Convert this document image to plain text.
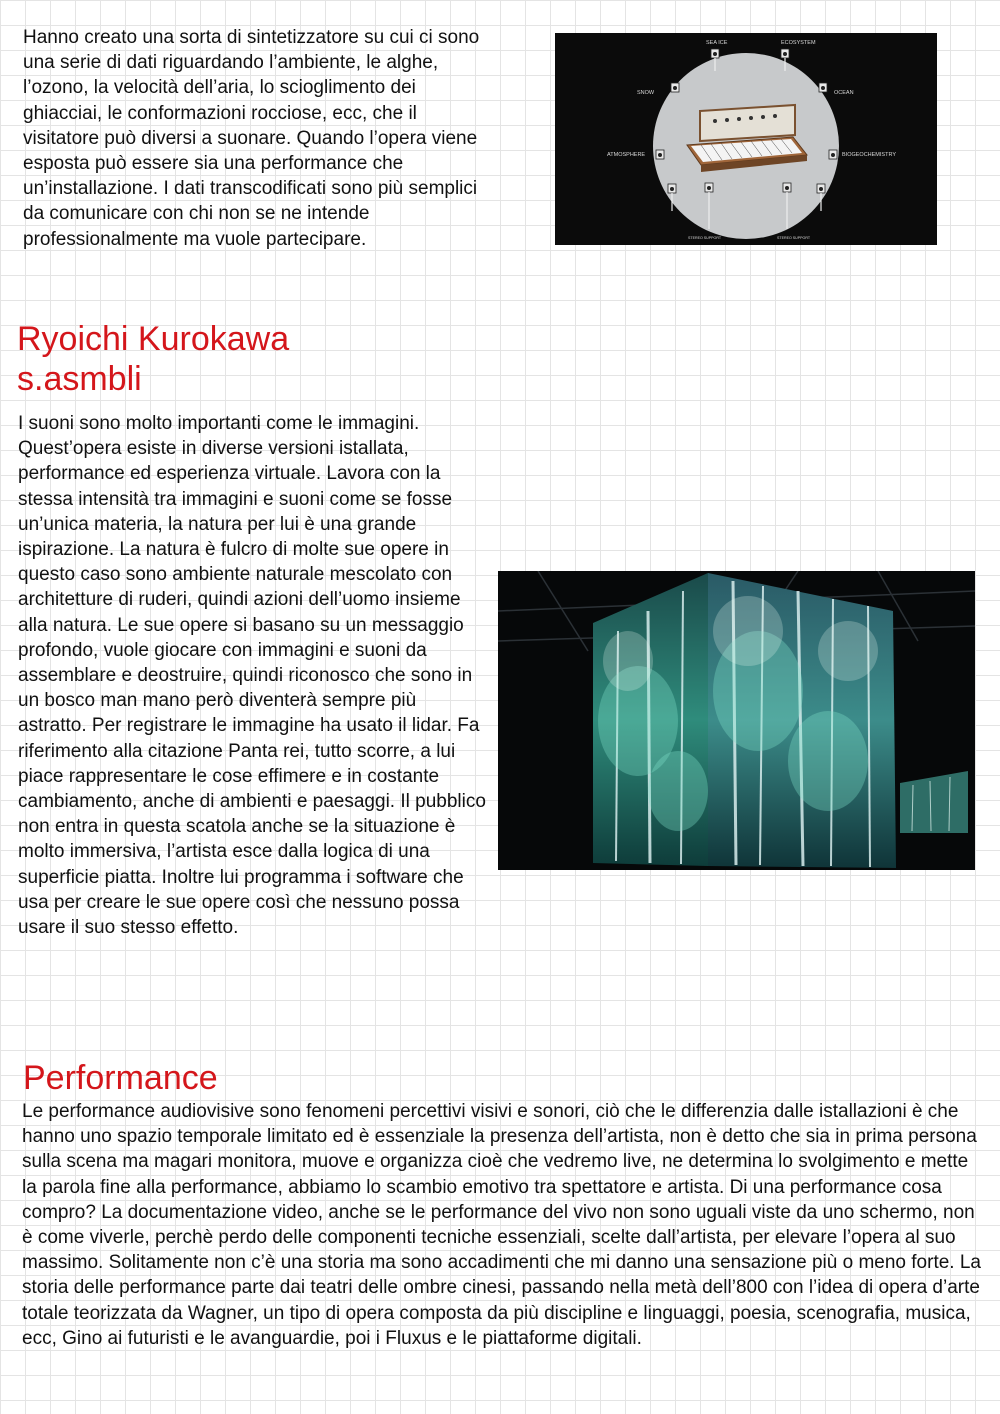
Hanno creato una sorta di sintetizzatore su cui ci sono una serie di dati riguardando l’ambiente, le alghe, l’ozono, la velocità dell’aria, lo scioglimento dei ghiacciai, le conformazioni rocciose, ecc, che il visitatore può diversi a suonare. Quando l’opera viene esposta può essere sia una performance che un’installazione. I dati transcodificati sono più semplici da comunicare con chi non se ne intende professionalmente ma vuole partecipare.

SEA ICE	ECOSYSTEM
SNOW	OCEAN
ATMOSPHERE	BIOGEOCHEMISTRY
STEREO SUPPORT	STEREO SUPPORT
Ryoichi Kurokawa
s.asmbli

I suoni sono molto importanti come le immagini. Quest’opera esiste in diverse versioni istallata, performance ed esperienza virtuale. Lavora con la stessa intensità tra immagini e suoni come se fosse un’unica materia, la natura per lui è una grande ispirazione. La natura è fulcro di molte sue opere in questo caso sono ambiente naturale mescolato con architetture di ruderi, quindi azioni dell’uomo insieme alla natura. Le sue opere si basano su un messaggio profondo, vuole giocare con immagini e suoni da assemblare e deostruire, quindi riconosco che sono in un bosco man mano però diventerà sempre più astratto. Per registrare le immagine ha usato il lidar. Fa riferimento alla citazione Panta rei, tutto scorre, a lui piace rappresentare le cose effimere e in costante cambiamento, anche di ambienti e paesaggi. Il pubblico non entra in questa scatola anche se la situazione è molto immersiva, l’artista esce dalla logica di una superficie piatta. Inoltre lui programma i software che usa per creare le sue opere così che nessuno possa usare il suo stesso effetto.

Performance

Le performance audiovisive sono fenomeni percettivi visivi e sonori, ciò che le differenzia dalle istallazioni è che hanno uno spazio temporale limitato ed è essenziale la presenza dell’artista, non è detto che sia in prima persona sulla scena ma magari monitora, muove e organizza cioè che vedremo live, ne determina lo svolgimento e mette la parola fine alla performance, abbiamo lo scambio emotivo tra spettatore e artista. Di una performance cosa compro? La documentazione video, anche se le performance del vivo non sono uguali viste da uno schermo, non è come viverle, perchè perdo delle componenti tecniche essenziali, scelte dall’artista, per elevare l’opera al suo massimo. Solitamente non c’è una storia ma sono accadimenti che mi danno una sensazione più o meno forte. La storia delle performance parte dai teatri delle ombre cinesi, passando nella metà dell’800 con l’idea di opera d’arte totale teorizzata da Wagner, un tipo di opera composta da più discipline e linguaggi, poesia, scenografia, musica, ecc, Gino ai futuristi e le avanguardie, poi i Fluxus e le piattaforme digitali.
